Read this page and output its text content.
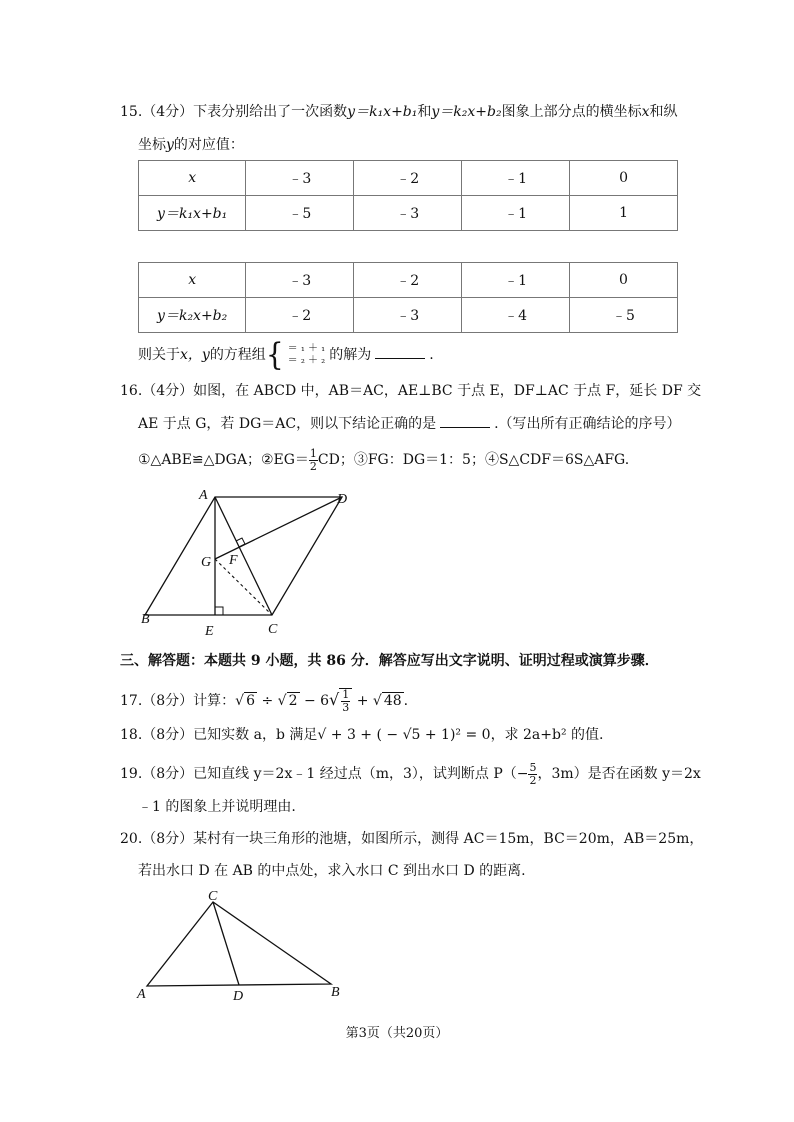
15.（4分）下表分别给出了一次函数y＝k₁x+b₁和y＝k₂x+b₂图象上部分点的横坐标x和纵
坐标y的对应值：
x	﹣3	﹣2	﹣1	0
y＝k₁x+b₁	﹣5	﹣3	﹣1	1
x	﹣3	﹣2	﹣1	0
y＝k₂x+b₂	﹣2	﹣3	﹣4	﹣5
则关于x，y的方程组{ ＝ ₁ ＋ ₁
＝ ₂ ＋ ₂ 的解为	.
16.（4分）如图，在 ABCD 中，AB＝AC，AE⊥BC 于点 E，DF⊥AC 于点 F，延长 DF 交
AE 于点 G，若 DG＝AC，则以下结论正确的是	.（写出所有正确结论的序号）
①△ABE≌△DGA；②EG＝ $\frac{1}{2}$ CD；③FG：DG＝1：5；④S△CDF＝6S△AFG.
A	D
G F
B
E	C
三、解答题：本题共 9 小题，共 86 分．解答应写出文字说明、证明过程或演算步骤．
17.（8分）计算：√ 6 ÷ √ $2 - 6√ \frac{1}{3}$ + √ 48 .
18.（8分）已知实数 a，b 满足√ + 3 + ( − √5 + 1)² = 0，求 2a+b² 的值.
19.（8分）已知直线 y＝2x﹣1 经过点（m，3），试判断点 $P(- \frac{5}{2}$ ，3m）是否在函数 y＝2x
﹣1 的图象上并说明理由.
20.（8分）某村有一块三角形的池塘，如图所示，测得 AC＝15m，BC＝20m，AB＝25m，
若出水口 D 在 AB 的中点处，求入水口 C 到出水口 D 的距离.
C
A	D	B
第3页（共20页）
